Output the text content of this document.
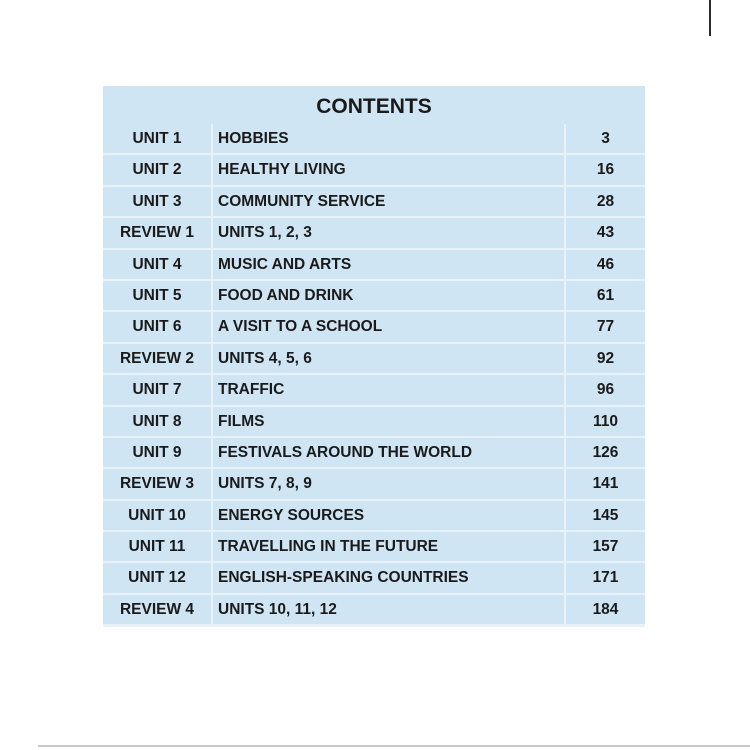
CONTENTS
UNIT 1	HOBBIES	3
UNIT 2	HEALTHY LIVING	16
UNIT 3	COMMUNITY SERVICE	28
REVIEW 1	UNITS 1, 2, 3	43
UNIT 4	MUSIC AND ARTS	46
UNIT 5	FOOD AND DRINK	61
UNIT 6	A VISIT TO A SCHOOL	77
REVIEW 2	UNITS 4, 5, 6	92
UNIT 7	TRAFFIC	96
UNIT 8	FILMS	110
UNIT 9	FESTIVALS AROUND THE WORLD	126
REVIEW 3	UNITS 7, 8, 9	141
UNIT 10	ENERGY SOURCES	145
UNIT 11	TRAVELLING IN THE FUTURE	157
UNIT 12	ENGLISH-SPEAKING COUNTRIES	171
REVIEW 4	UNITS 10, 11, 12	184
